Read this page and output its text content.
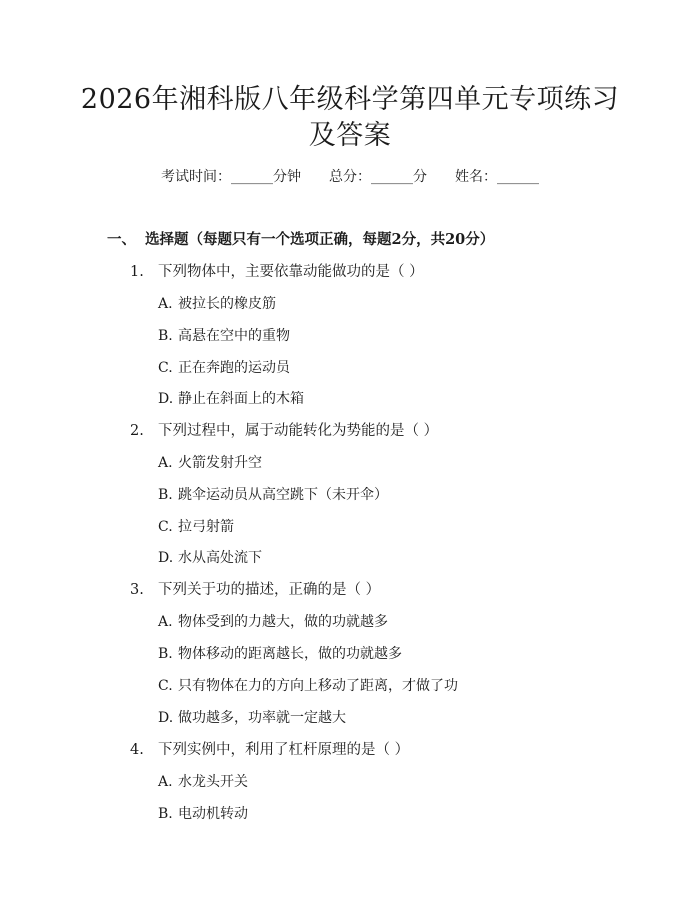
2026年湘科版八年级科学第四单元专项练习
及答案
考试时间：______分钟 总分：______分 姓名：______
一、 选择题（每题只有一个选项正确，每题2分，共20分）
1. 下列物体中，主要依靠动能做功的是（ ）
A. 被拉长的橡皮筋
B. 高悬在空中的重物
C. 正在奔跑的运动员
D. 静止在斜面上的木箱
2. 下列过程中，属于动能转化为势能的是（ ）
A. 火箭发射升空
B. 跳伞运动员从高空跳下（未开伞）
C. 拉弓射箭
D. 水从高处流下
3. 下列关于功的描述，正确的是（ ）
A. 物体受到的力越大，做的功就越多
B. 物体移动的距离越长，做的功就越多
C. 只有物体在力的方向上移动了距离，才做了功
D. 做功越多，功率就一定越大
4. 下列实例中，利用了杠杆原理的是（ ）
A. 水龙头开关
B. 电动机转动
